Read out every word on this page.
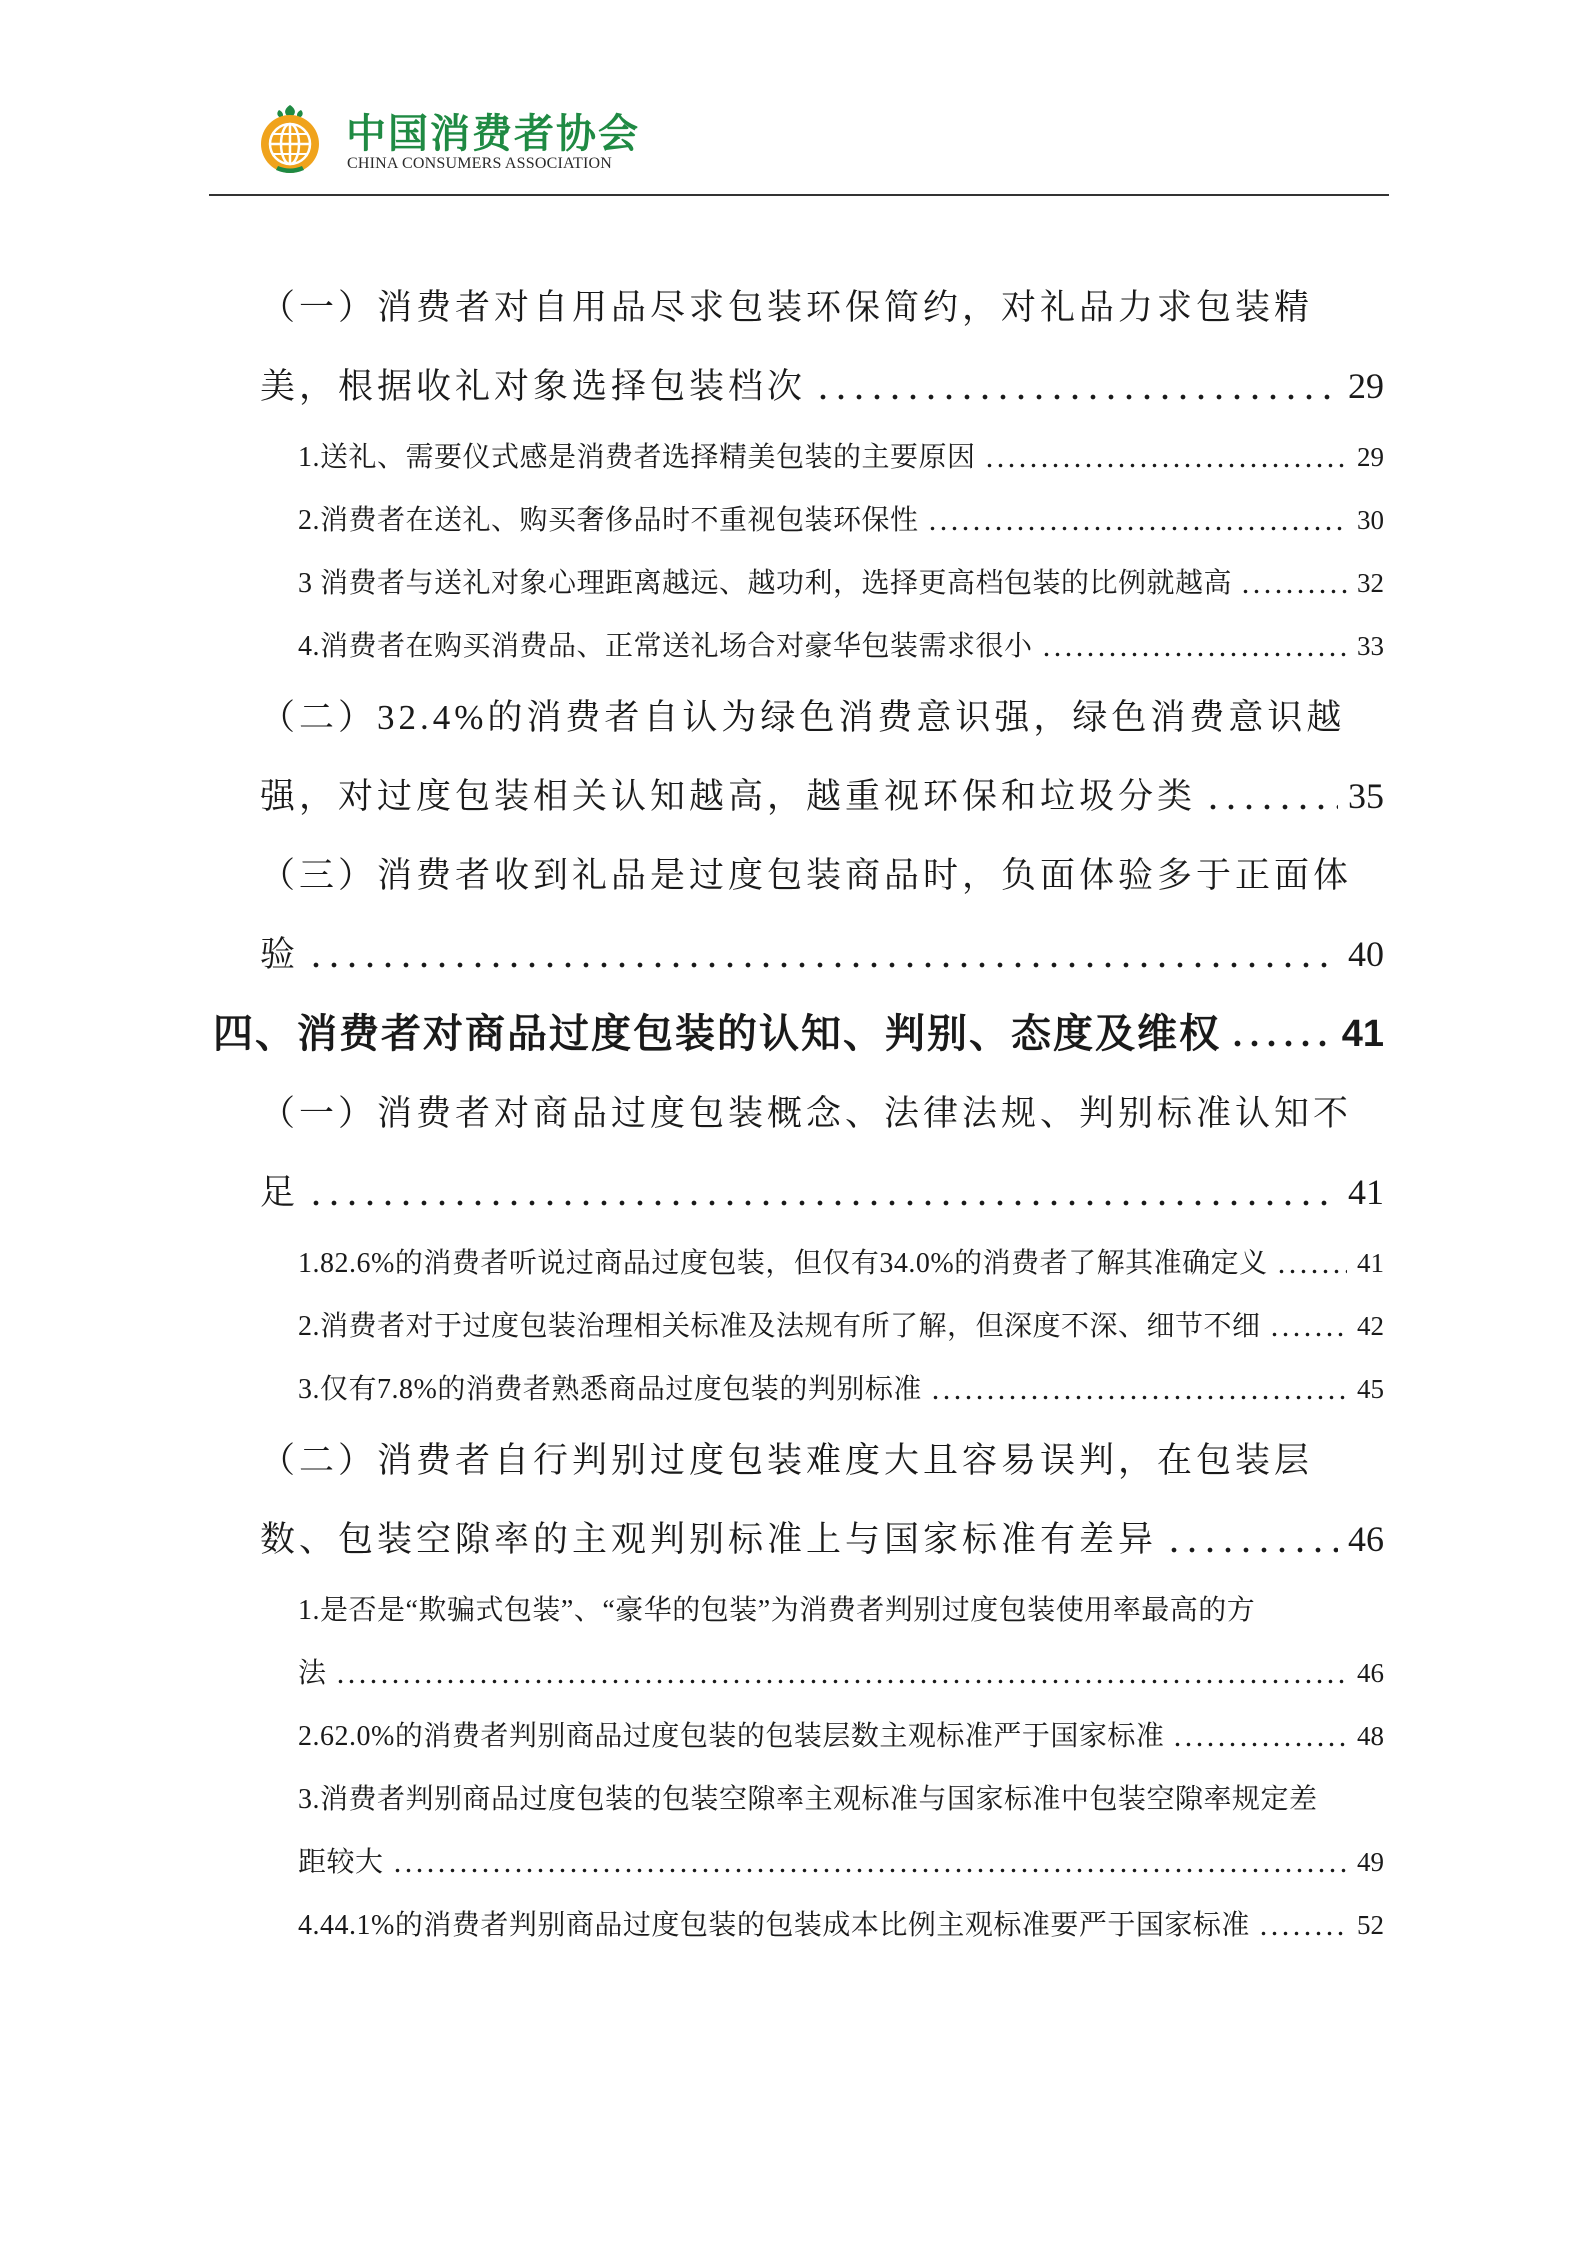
中国消费者协会
CHINA CONSUMERS ASSOCIATION
（一）消费者对自用品尽求包装环保简约，对礼品力求包装精
美，根据收礼对象选择包装档次	29
1.送礼、需要仪式感是消费者选择精美包装的主要原因	29
2.消费者在送礼、购买奢侈品时不重视包装环保性	30
3 消费者与送礼对象心理距离越远、越功利，选择更高档包装的比例就越高	32
4.消费者在购买消费品、正常送礼场合对豪华包装需求很小	33
（二）32.4%的消费者自认为绿色消费意识强，绿色消费意识越
强，对过度包装相关认知越高，越重视环保和垃圾分类	35
（三）消费者收到礼品是过度包装商品时，负面体验多于正面体
验	40
四、消费者对商品过度包装的认知、判别、态度及维权	41
（一）消费者对商品过度包装概念、法律法规、判别标准认知不
足	41
1.82.6%的消费者听说过商品过度包装，但仅有34.0%的消费者了解其准确定义	41
2.消费者对于过度包装治理相关标准及法规有所了解，但深度不深、细节不细	42
3.仅有7.8%的消费者熟悉商品过度包装的判别标准	45
（二）消费者自行判别过度包装难度大且容易误判，在包装层
数、包装空隙率的主观判别标准上与国家标准有差异	46
1.是否是“欺骗式包装”、“豪华的包装”为消费者判别过度包装使用率最高的方
法	46
2.62.0%的消费者判别商品过度包装的包装层数主观标准严于国家标准	48
3.消费者判别商品过度包装的包装空隙率主观标准与国家标准中包装空隙率规定差
距较大	49
4.44.1%的消费者判别商品过度包装的包装成本比例主观标准要严于国家标准	52
